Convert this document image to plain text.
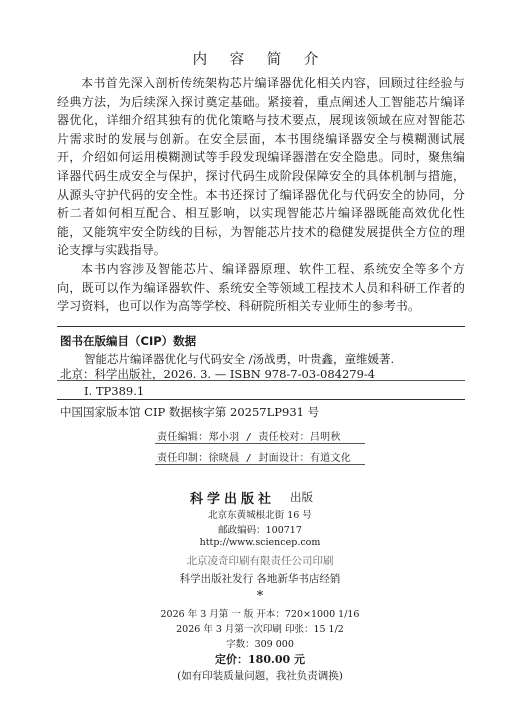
内 容 简 介

本书首先深入剖析传统架构芯片编译器优化相关内容，回顾过往经验与经典方法，为后续深入探讨奠定基础。紧接着，重点阐述人工智能芯片编译器优化，详细介绍其独有的优化策略与技术要点，展现该领域在应对智能芯片需求时的发展与创新。在安全层面，本书围绕编译器安全与模糊测试展开，介绍如何运用模糊测试等手段发现编译器潜在安全隐患。同时，聚焦编译器代码生成安全与保护，探讨代码生成阶段保障安全的具体机制与措施，从源头守护代码的安全性。本书还探讨了编译器优化与代码安全的协同，分析二者如何相互配合、相互影响，以实现智能芯片编译器既能高效优化性能，又能筑牢安全防线的目标，为智能芯片技术的稳健发展提供全方位的理论支撑与实践指导。

本书内容涉及智能芯片、编译器原理、软件工程、系统安全等多个方向，既可以作为编译器软件、系统安全等领域工程技术人员和科研工作者的学习资料，也可以作为高等学校、科研院所相关专业师生的参考书。

图书在版编目（CIP）数据
智能芯片编译器优化与代码安全 /汤战勇，叶贵鑫，童维媛著.
北京：科学出版社，2026. 3. — ISBN 978-7-03-084279-4
Ⅰ. TP389.1
中国国家版本馆 CIP 数据核字第 20257LP931 号
责任编辑：郑小羽 / 责任校对：吕明秋
责任印制：徐晓晨 / 封面设计：有道文化
科学出版社 出版
北京东黄城根北街 16 号
邮政编码：100717
http://www.sciencep.com
北京凌奇印刷有限责任公司印刷
科学出版社发行 各地新华书店经销
*
2026 年 3 月第 一 版 开本：720×1000 1/16
2026 年 3 月第一次印刷 印张：15 1/2
字数：309 000
定价：180.00 元
(如有印装质量问题，我社负责调换)
